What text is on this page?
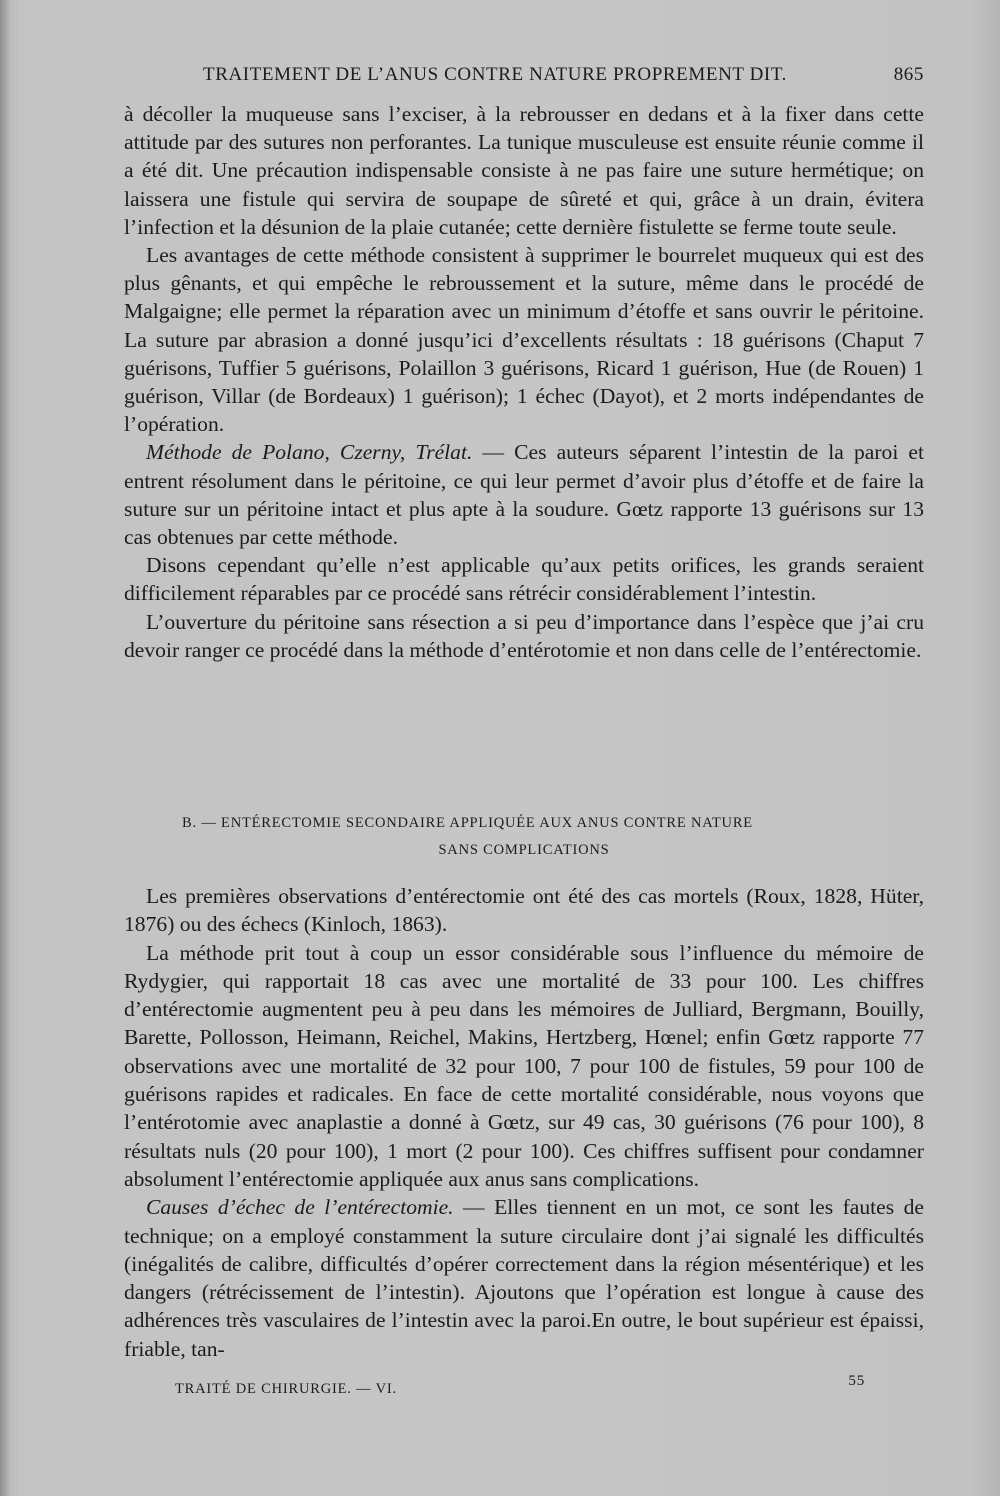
TRAITEMENT DE L’ANUS CONTRE NATURE PROPREMENT DIT.	865

à décoller la muqueuse sans l’exciser, à la rebrousser en dedans et à la fixer dans cette attitude par des sutures non perforantes. La tunique musculeuse est ensuite réunie comme il a été dit. Une précaution indispensable consiste à ne pas faire une suture hermétique; on laissera une fistule qui servira de soupape de sûreté et qui, grâce à un drain, évitera l’infection et la désunion de la plaie cutanée; cette dernière fistulette se ferme toute seule.

Les avantages de cette méthode consistent à supprimer le bourrelet muqueux qui est des plus gênants, et qui empêche le rebroussement et la suture, même dans le procédé de Malgaigne; elle permet la réparation avec un minimum d’étoffe et sans ouvrir le péritoine. La suture par abrasion a donné jusqu’ici d’excellents résultats : 18 guérisons (Chaput 7 guérisons, Tuffier 5 guérisons, Polaillon 3 guérisons, Ricard 1 guérison, Hue (de Rouen) 1 guérison, Villar (de Bordeaux) 1 guérison); 1 échec (Dayot), et 2 morts indépendantes de l’opération.

Méthode de Polano, Czerny, Trélat. — Ces auteurs séparent l’intestin de la paroi et entrent résolument dans le péritoine, ce qui leur permet d’avoir plus d’étoffe et de faire la suture sur un péritoine intact et plus apte à la soudure. Gœtz rapporte 13 guérisons sur 13 cas obtenues par cette méthode.

Disons cependant qu’elle n’est applicable qu’aux petits orifices, les grands seraient difficilement réparables par ce procédé sans rétrécir considérablement l’intestin.

L’ouverture du péritoine sans résection a si peu d’importance dans l’espèce que j’ai cru devoir ranger ce procédé dans la méthode d’entérotomie et non dans celle de l’entérectomie.

B. — ENTÉRECTOMIE SECONDAIRE APPLIQUÉE AUX ANUS CONTRE NATURE
SANS COMPLICATIONS

Les premières observations d’entérectomie ont été des cas mortels (Roux, 1828, Hüter, 1876) ou des échecs (Kinloch, 1863).

La méthode prit tout à coup un essor considérable sous l’influence du mémoire de Rydygier, qui rapportait 18 cas avec une mortalité de 33 pour 100. Les chiffres d’entérectomie augmentent peu à peu dans les mémoires de Julliard, Bergmann, Bouilly, Barette, Pollosson, Heimann, Reichel, Makins, Hertzberg, Hœnel; enfin Gœtz rapporte 77 observations avec une mortalité de 32 pour 100, 7 pour 100 de fistules, 59 pour 100 de guérisons rapides et radicales. En face de cette mortalité considérable, nous voyons que l’entérotomie avec anaplastie a donné à Gœtz, sur 49 cas, 30 guérisons (76 pour 100), 8 résultats nuls (20 pour 100), 1 mort (2 pour 100). Ces chiffres suffisent pour condamner absolument l’entérectomie appliquée aux anus sans complications.

Causes d’échec de l’entérectomie. — Elles tiennent en un mot, ce sont les fautes de technique; on a employé constamment la suture circulaire dont j’ai signalé les difficultés (inégalités de calibre, difficultés d’opérer correctement dans la région mésentérique) et les dangers (rétrécissement de l’intestin). Ajoutons que l’opération est longue à cause des adhérences très vasculaires de l’intestin avec la paroi.En outre, le bout supérieur est épaissi, friable, tan-

TRAITÉ DE CHIRURGIE. — VI.	55
